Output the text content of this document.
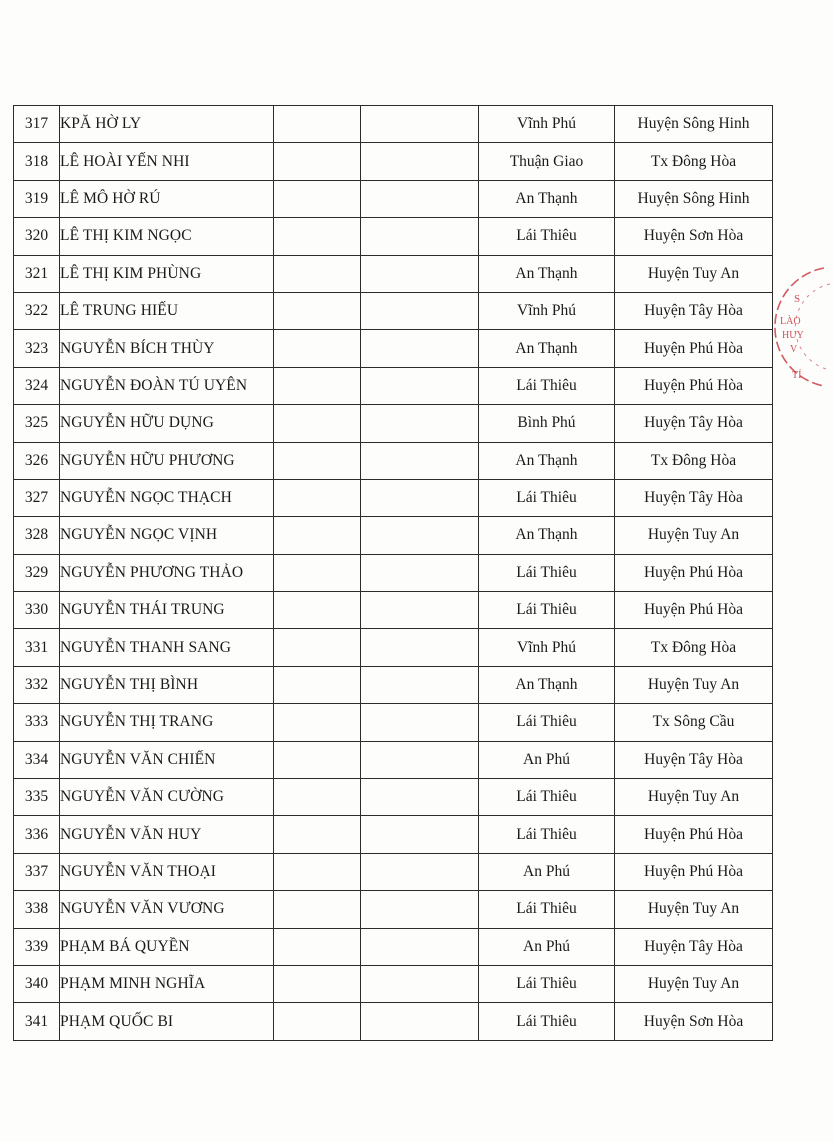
317	KPĂ HỜ LY			Vĩnh Phú	Huyện Sông Hinh
318	LÊ HOÀI YẾN NHI			Thuận Giao	Tx Đông Hòa
319	LÊ MÔ HỜ RÚ			An Thạnh	Huyện Sông Hinh
320	LÊ THỊ KIM NGỌC			Lái Thiêu	Huyện Sơn Hòa
321	LÊ THỊ KIM PHÙNG			An Thạnh	Huyện Tuy An
322	LÊ TRUNG HIẾU			Vĩnh Phú	Huyện Tây Hòa
323	NGUYỄN BÍCH THÙY			An Thạnh	Huyện Phú Hòa
324	NGUYỄN ĐOÀN TÚ UYÊN			Lái Thiêu	Huyện Phú Hòa
325	NGUYỄN HỮU DỤNG			Bình Phú	Huyện Tây Hòa
326	NGUYỄN HỮU PHƯƠNG			An Thạnh	Tx Đông Hòa
327	NGUYỄN NGỌC THẠCH			Lái Thiêu	Huyện Tây Hòa
328	NGUYỄN NGỌC VỊNH			An Thạnh	Huyện Tuy An
329	NGUYỄN PHƯƠNG THẢO			Lái Thiêu	Huyện Phú Hòa
330	NGUYỄN THÁI TRUNG			Lái Thiêu	Huyện Phú Hòa
331	NGUYỄN THANH SANG			Vĩnh Phú	Tx Đông Hòa
332	NGUYỄN THỊ BÌNH			An Thạnh	Huyện Tuy An
333	NGUYỄN THỊ TRANG			Lái Thiêu	Tx Sông Cầu
334	NGUYỄN VĂN CHIẾN			An Phú	Huyện Tây Hòa
335	NGUYỄN VĂN CƯỜNG			Lái Thiêu	Huyện Tuy An
336	NGUYỄN VĂN HUY			Lái Thiêu	Huyện Phú Hòa
337	NGUYỄN VĂN THOẠI			An Phú	Huyện Phú Hòa
338	NGUYỄN VĂN VƯƠNG			Lái Thiêu	Huyện Tuy An
339	PHẠM BÁ QUYỀN			An Phú	Huyện Tây Hòa
340	PHẠM MINH NGHĨA			Lái Thiêu	Huyện Tuy An
341	PHẠM QUỐC BI			Lái Thiêu	Huyện Sơn Hòa
S
LÀO
HUY
V
TỈ
